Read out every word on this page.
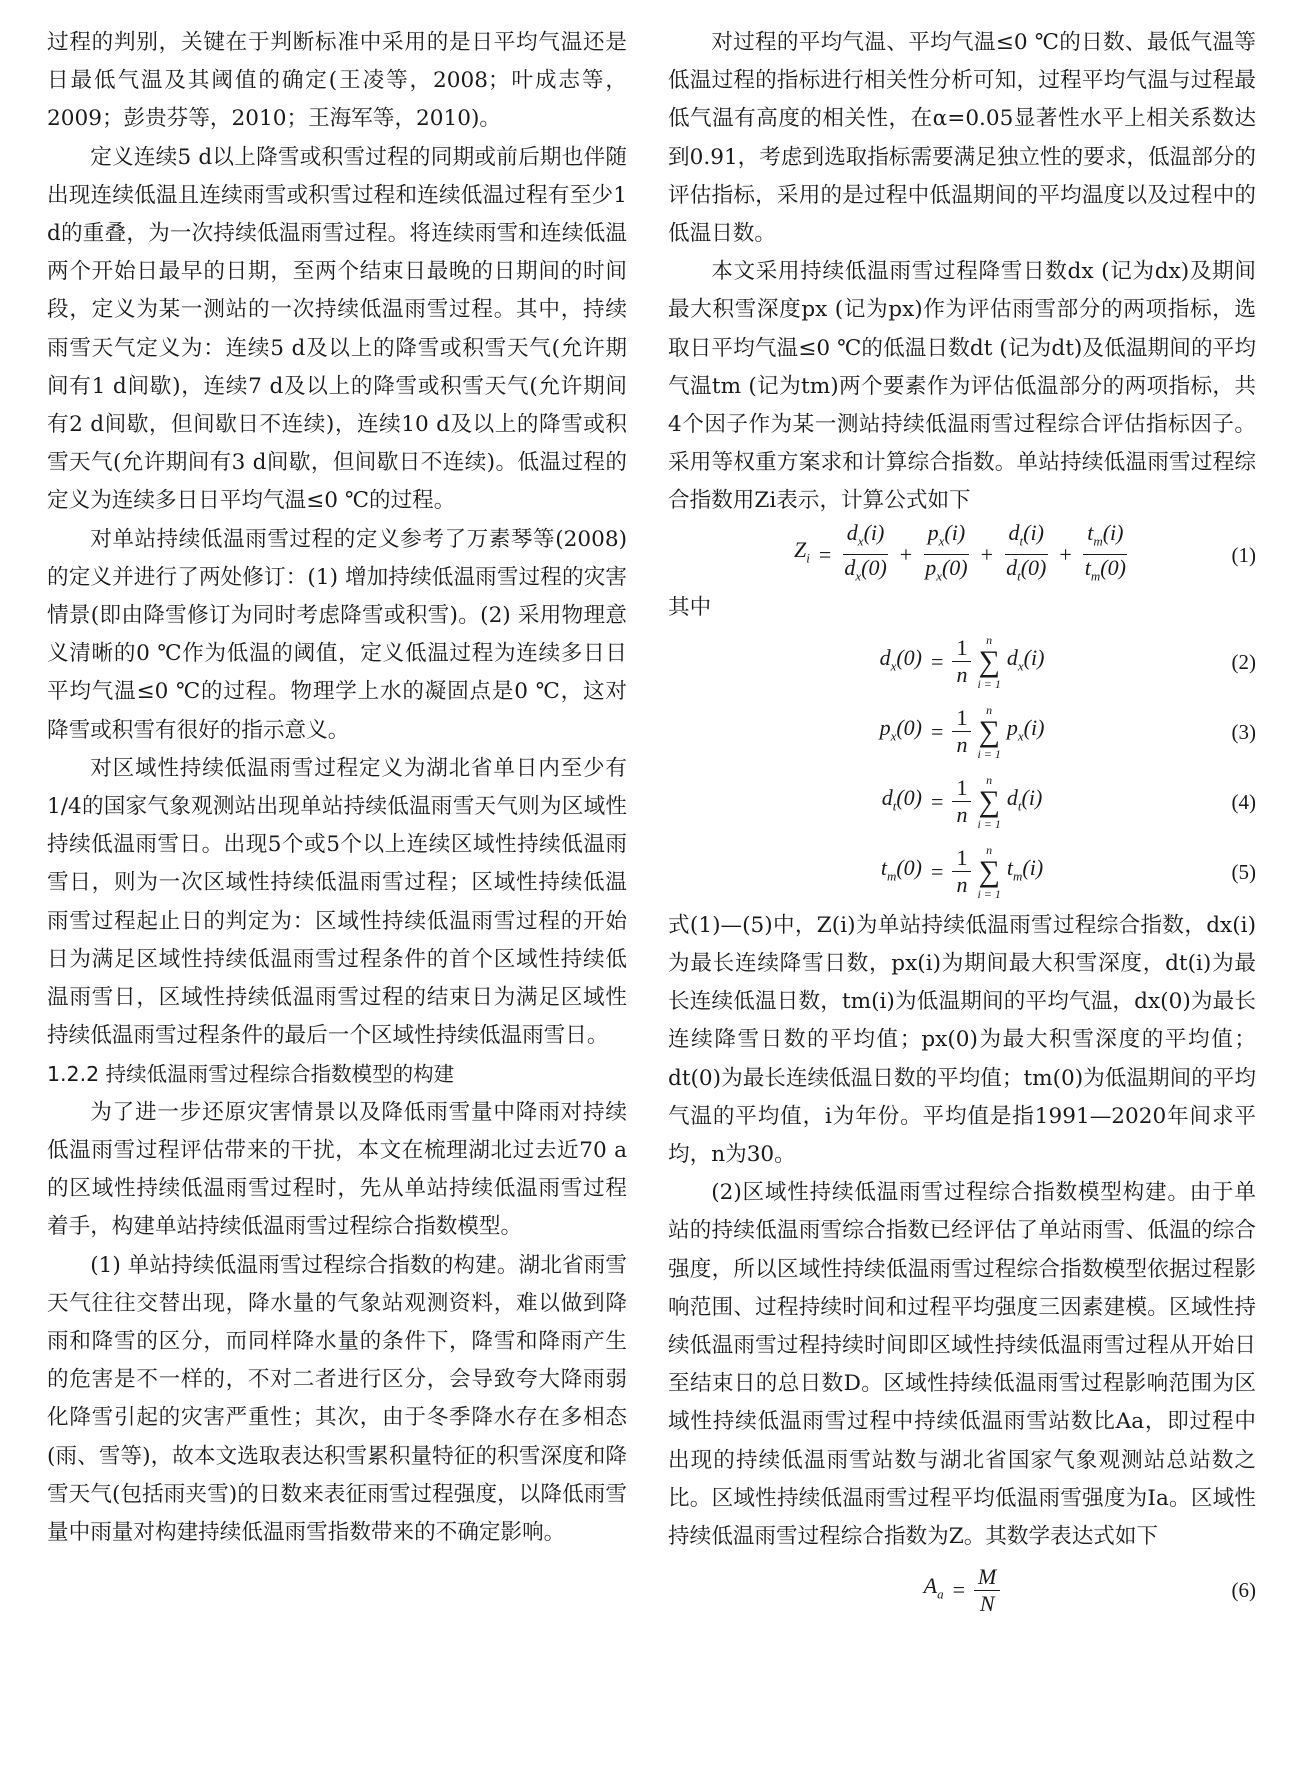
过程的判别，关键在于判断标准中采用的是日平均气温还是日最低气温及其阈值的确定(王凌等，2008；叶成志等，2009；彭贵芬等，2010；王海军等，2010)。

定义连续5 d以上降雪或积雪过程的同期或前后期也伴随出现连续低温且连续雨雪或积雪过程和连续低温过程有至少1 d的重叠，为一次持续低温雨雪过程。将连续雨雪和连续低温两个开始日最早的日期，至两个结束日最晚的日期间的时间段，定义为某一测站的一次持续低温雨雪过程。其中，持续雨雪天气定义为：连续5 d及以上的降雪或积雪天气(允许期间有1 d间歇)，连续7 d及以上的降雪或积雪天气(允许期间有2 d间歇，但间歇日不连续)，连续10 d及以上的降雪或积雪天气(允许期间有3 d间歇，但间歇日不连续)。低温过程的定义为连续多日日平均气温≤0 ℃的过程。

对单站持续低温雨雪过程的定义参考了万素琴等(2008)的定义并进行了两处修订：(1) 增加持续低温雨雪过程的灾害情景(即由降雪修订为同时考虑降雪或积雪)。(2) 采用物理意义清晰的0 ℃作为低温的阈值，定义低温过程为连续多日日平均气温≤0 ℃的过程。物理学上水的凝固点是0 ℃，这对降雪或积雪有很好的指示意义。

对区域性持续低温雨雪过程定义为湖北省单日内至少有1/4的国家气象观测站出现单站持续低温雨雪天气则为区域性持续低温雨雪日。出现5个或5个以上连续区域性持续低温雨雪日，则为一次区域性持续低温雨雪过程；区域性持续低温雨雪过程起止日的判定为：区域性持续低温雨雪过程的开始日为满足区域性持续低温雨雪过程条件的首个区域性持续低温雨雪日，区域性持续低温雨雪过程的结束日为满足区域性持续低温雨雪过程条件的最后一个区域性持续低温雨雪日。

1.2.2 持续低温雨雪过程综合指数模型的构建

为了进一步还原灾害情景以及降低雨雪量中降雨对持续低温雨雪过程评估带来的干扰，本文在梳理湖北过去近70 a的区域性持续低温雨雪过程时，先从单站持续低温雨雪过程着手，构建单站持续低温雨雪过程综合指数模型。

(1) 单站持续低温雨雪过程综合指数的构建。湖北省雨雪天气往往交替出现，降水量的气象站观测资料，难以做到降雨和降雪的区分，而同样降水量的条件下，降雪和降雨产生的危害是不一样的，不对二者进行区分，会导致夸大降雨弱化降雪引起的灾害严重性；其次，由于冬季降水存在多相态(雨、雪等)，故本文选取表达积雪累积量特征的积雪深度和降雪天气(包括雨夹雪)的日数来表征雨雪过程强度，以降低雨雪量中雨量对构建持续低温雨雪指数带来的不确定影响。

对过程的平均气温、平均气温≤0 ℃的日数、最低气温等低温过程的指标进行相关性分析可知，过程平均气温与过程最低气温有高度的相关性，在α=0.05显著性水平上相关系数达到0.91，考虑到选取指标需要满足独立性的要求，低温部分的评估指标，采用的是过程中低温期间的平均温度以及过程中的低温日数。

本文采用持续低温雨雪过程降雪日数dx (记为dx)及期间最大积雪深度px (记为px)作为评估雨雪部分的两项指标，选取日平均气温≤0 ℃的低温日数dt (记为dt)及低温期间的平均气温tm (记为tm)两个要素作为评估低温部分的两项指标，共4个因子作为某一测站持续低温雨雪过程综合评估指标因子。采用等权重方案求和计算综合指数。单站持续低温雨雪过程综合指数用Zi表示，计算公式如下

$Z_i = \frac{d_x(i)}{d_x(0)} + \frac{p_x(i)}{p_x(0)} + \frac{d_t(i)}{d_t(0)} + \frac{t_m(i)}{t_m(0)}$	(1)

其中

$d_x(0) = \frac{1}{n}$ n
∑
i = 1
$d_x(i)$	(2)
$p_x(0) = \frac{1}{n}$ n
∑
i = 1
$p_x(i)$	(3)
$d_t(0) = \frac{1}{n}$ n
∑
i = 1
$d_t(i)$	(4)
$t_m(0) = \frac{1}{n}$ n
∑
i = 1
$t_m(i)$	(5)

式(1)—(5)中，Z(i)为单站持续低温雨雪过程综合指数，dx(i)为最长连续降雪日数，px(i)为期间最大积雪深度，dt(i)为最长连续低温日数，tm(i)为低温期间的平均气温，dx(0)为最长连续降雪日数的平均值；px(0)为最大积雪深度的平均值；dt(0)为最长连续低温日数的平均值；tm(0)为低温期间的平均气温的平均值，i为年份。平均值是指1991—2020年间求平均，n为30。

(2)区域性持续低温雨雪过程综合指数模型构建。由于单站的持续低温雨雪综合指数已经评估了单站雨雪、低温的综合强度，所以区域性持续低温雨雪过程综合指数模型依据过程影响范围、过程持续时间和过程平均强度三因素建模。区域性持续低温雨雪过程持续时间即区域性持续低温雨雪过程从开始日至结束日的总日数D。区域性持续低温雨雪过程影响范围为区域性持续低温雨雪过程中持续低温雨雪站数比Aa，即过程中出现的持续低温雨雪站数与湖北省国家气象观测站总站数之比。区域性持续低温雨雪过程平均低温雨雪强度为Ia。区域性持续低温雨雪过程综合指数为Z。其数学表达式如下

$A_a = \frac{M}{N}$	(6)
